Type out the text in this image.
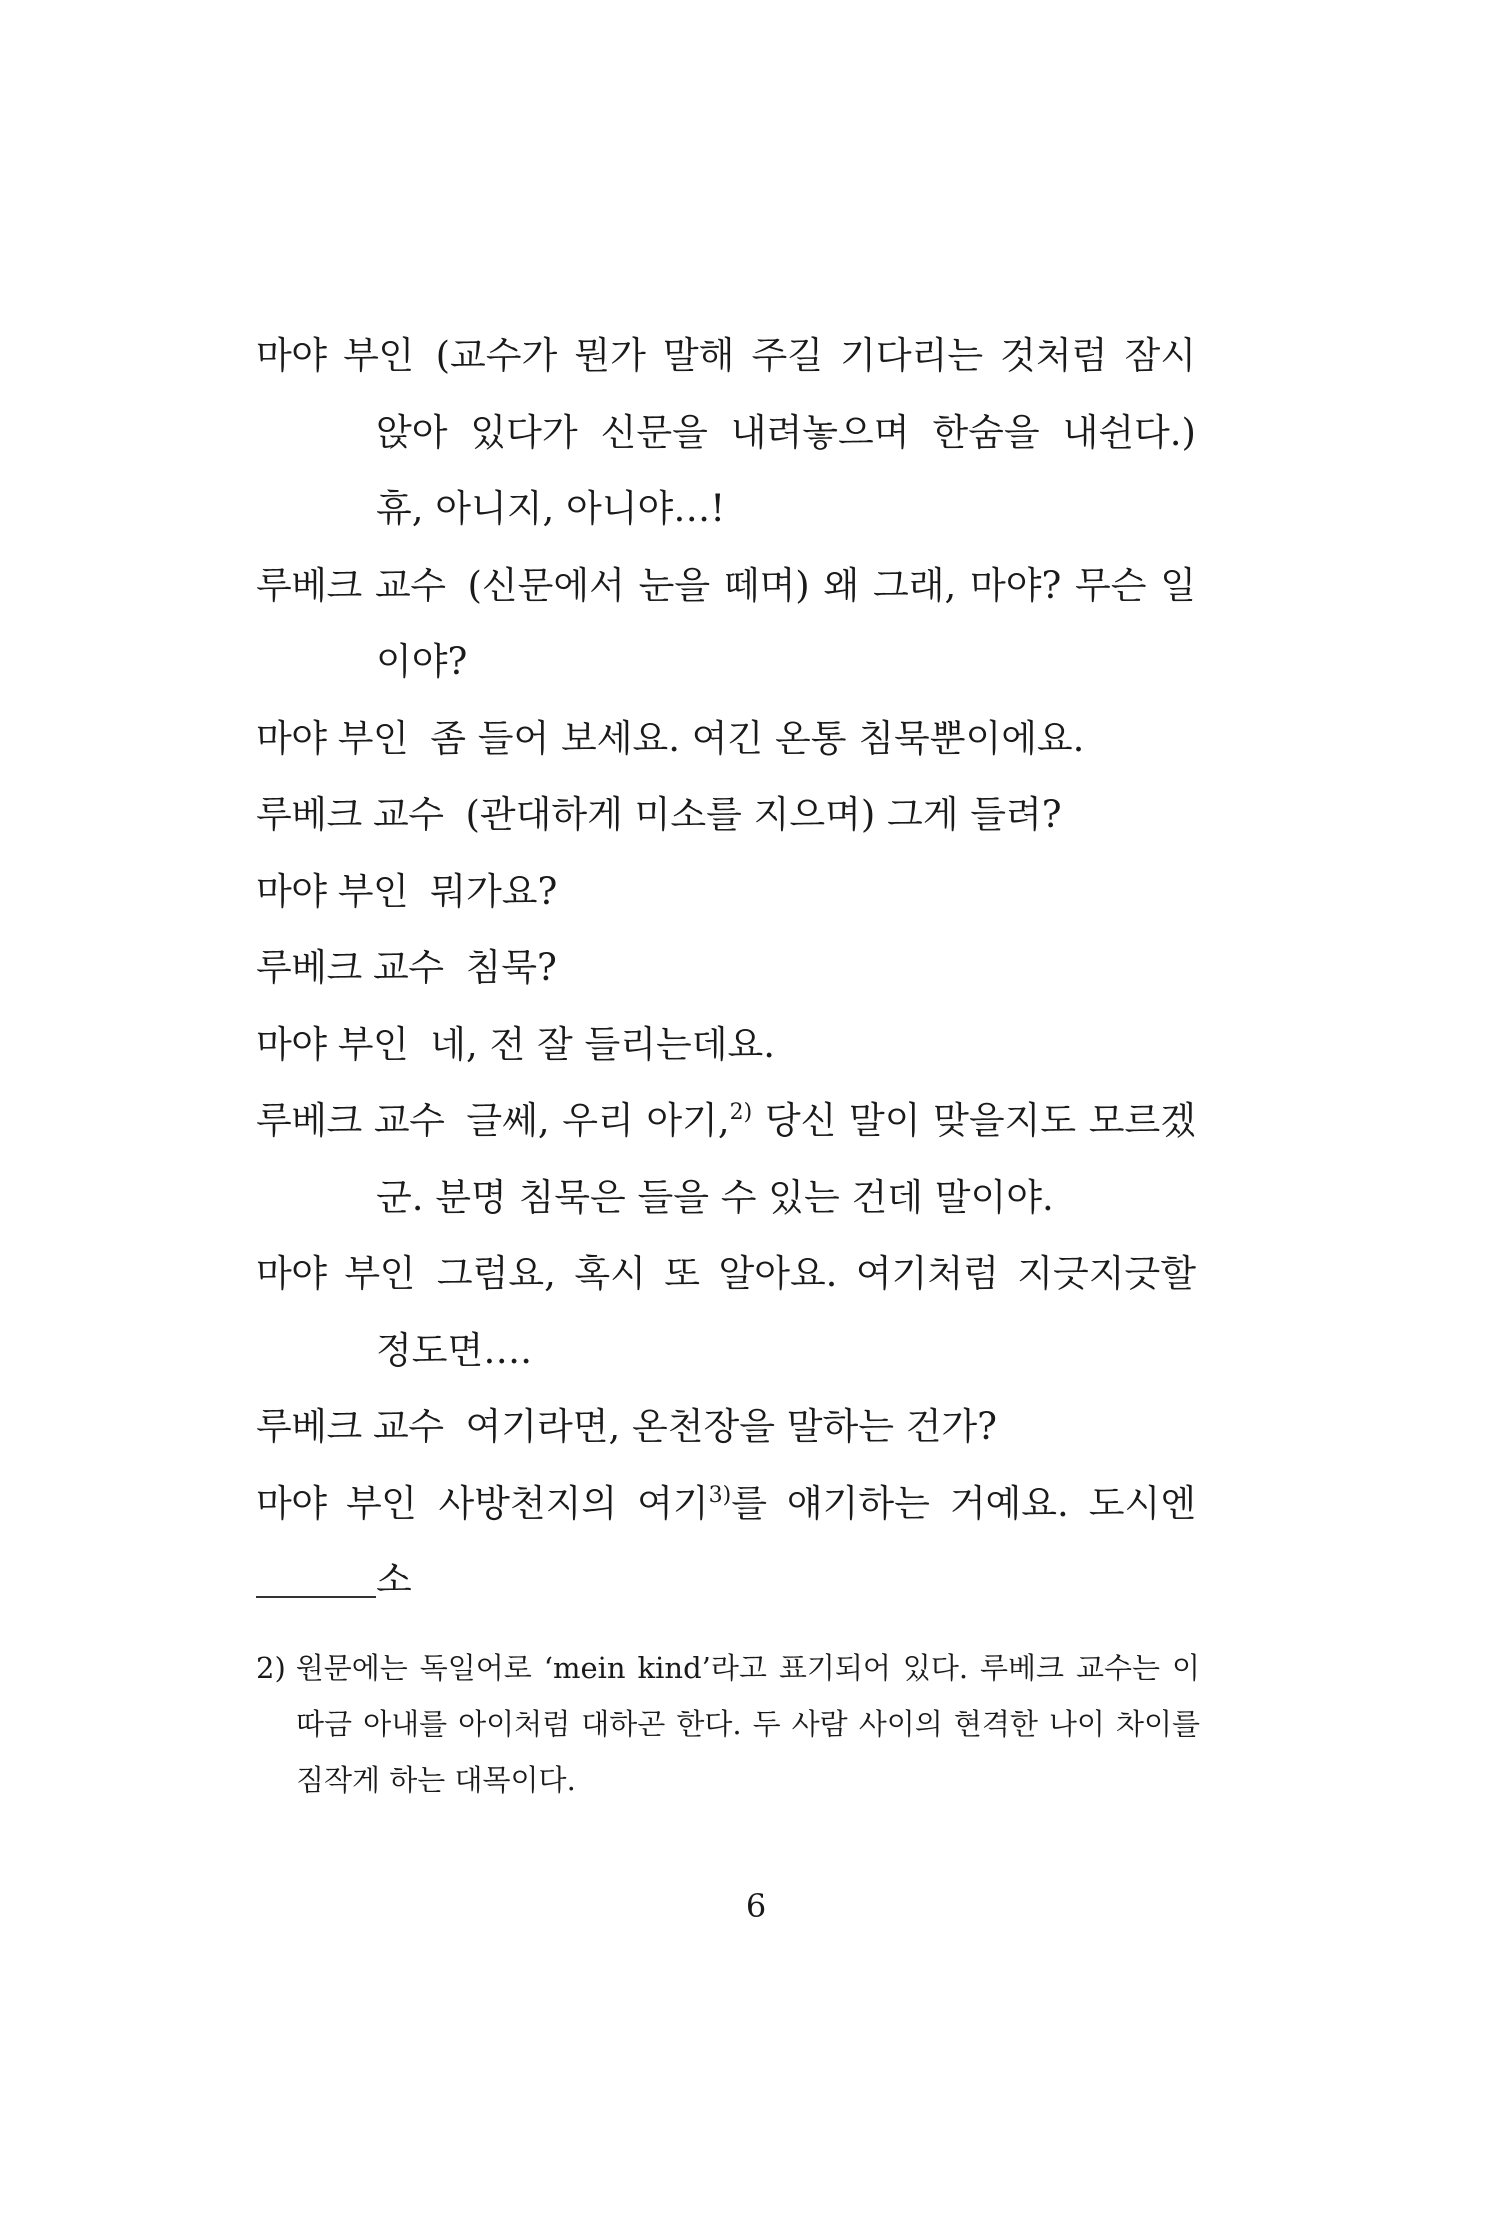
마야 부인 (교수가 뭔가 말해 주길 기다리는 것처럼 잠시 앉아 있다가 신문을 내려놓으며 한숨을 내쉰다.) 휴, 아니지, 아니야…!

루베크 교수 (신문에서 눈을 떼며) 왜 그래, 마야? 무슨 일이야?

마야 부인 좀 들어 보세요. 여긴 온통 침묵뿐이에요.

루베크 교수 (관대하게 미소를 지으며) 그게 들려?

마야 부인 뭐가요?

루베크 교수 침묵?

마야 부인 네, 전 잘 들리는데요.

루베크 교수 글쎄, 우리 아기,$^{2)}$ 당신 말이 맞을지도 모르겠군. 분명 침묵은 들을 수 있는 건데 말이야.

마야 부인 그럼요, 혹시 또 알아요. 여기처럼 지긋지긋할 정도면….

루베크 교수 여기라면, 온천장을 말하는 건가?

마야 부인 사방천지의 여기$^{3)}$를 얘기하는 거예요. 도시엔 소

2) 원문에는 독일어로 ‘mein kind’라고 표기되어 있다. 루베크 교수는 이따금 아내를 아이처럼 대하곤 한다. 두 사람 사이의 현격한 나이 차이를 짐작게 하는 대목이다.

6
